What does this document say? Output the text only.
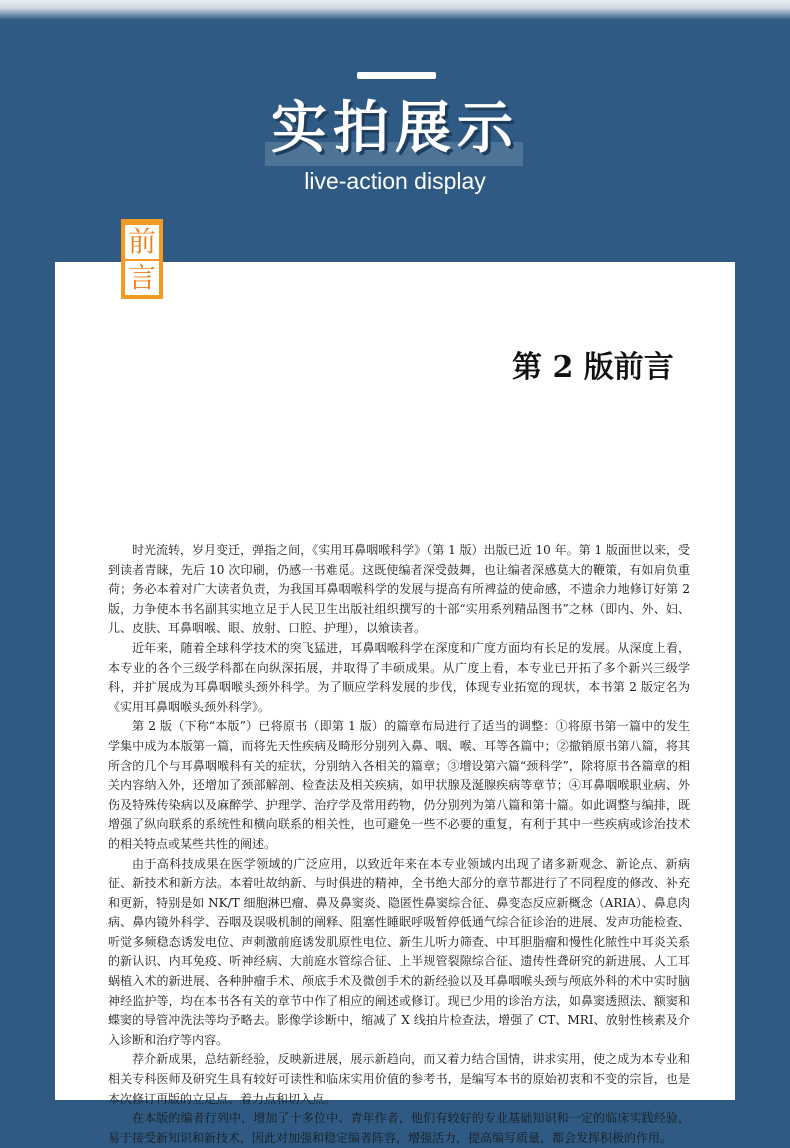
实拍展示
live-action display
前
言
第 2 版前言

时光流转，岁月变迁，弹指之间，《实用耳鼻咽喉科学》（第 1 版）出版已近 10 年。第 1 版面世以来，受到读者青睐，先后 10 次印刷，仍感一书难觅。这既使编者深受鼓舞，也让编者深感莫大的鞭策，有如肩负重荷；务必本着对广大读者负责，为我国耳鼻咽喉科学的发展与提高有所裨益的使命感，不遗余力地修订好第 2 版，力争使本书名副其实地立足于人民卫生出版社组织撰写的十部“实用系列精品图书”之林（即内、外、妇、儿、皮肤、耳鼻咽喉、眼、放射、口腔、护理），以飨读者。

近年来，随着全球科学技术的突飞猛进，耳鼻咽喉科学在深度和广度方面均有长足的发展。从深度上看，本专业的各个三级学科都在向纵深拓展，并取得了丰硕成果。从广度上看，本专业已开拓了多个新兴三级学科，并扩展成为耳鼻咽喉头颈外科学。为了顺应学科发展的步伐，体现专业拓宽的现状，本书第 2 版定名为《实用耳鼻咽喉头颈外科学》。

第 2 版（下称“本版”）已将原书（即第 1 版）的篇章布局进行了适当的调整：①将原书第一篇中的发生学集中成为本版第一篇，而将先天性疾病及畸形分别列入鼻、咽、喉、耳等各篇中；②撤销原书第八篇，将其所含的几个与耳鼻咽喉科有关的症状，分别纳入各相关的篇章；③增设第六篇“颈科学”，除将原书各篇章的相关内容纳入外，还增加了颈部解剖、检查法及相关疾病，如甲状腺及涎腺疾病等章节；④耳鼻咽喉职业病、外伤及特殊传染病以及麻醉学、护理学、治疗学及常用药物，仍分别列为第八篇和第十篇。如此调整与编排，既增强了纵向联系的系统性和横向联系的相关性，也可避免一些不必要的重复，有利于其中一些疾病或诊治技术的相关特点或某些共性的阐述。

由于高科技成果在医学领域的广泛应用，以致近年来在本专业领域内出现了诸多新观念、新论点、新病征、新技术和新方法。本着吐故纳新、与时俱进的精神，全书绝大部分的章节都进行了不同程度的修改、补充和更新，特别是如 NK/T 细胞淋巴瘤、鼻及鼻窦炎、隐匿性鼻窦综合征、鼻变态反应新概念（ARIA）、鼻息肉病、鼻内镜外科学、吞咽及误吸机制的阐释、阻塞性睡眠呼吸暂停低通气综合征诊治的进展、发声功能检查、听觉多频稳态诱发电位、声刺激前庭诱发肌原性电位、新生儿听力筛查、中耳胆脂瘤和慢性化脓性中耳炎关系的新认识、内耳免疫、听神经病、大前庭水管综合征、上半规管裂隙综合征、遗传性聋研究的新进展、人工耳蜗植入术的新进展、各种肿瘤手术、颅底手术及微创手术的新经验以及耳鼻咽喉头颈与颅底外科的术中实时脑神经监护等，均在本书各有关的章节中作了相应的阐述或修订。现已少用的诊治方法，如鼻窦透照法、额窦和蝶窦的导管冲洗法等均予略去。影像学诊断中，缩减了 X 线拍片检查法，增强了 CT、MRI、放射性核素及介入诊断和治疗等内容。

荐介新成果，总结新经验，反映新进展，展示新趋向，而又着力结合国情，讲求实用，使之成为本专业和相关专科医师及研究生具有较好可读性和临床实用价值的参考书，是编写本书的原始初衷和不变的宗旨，也是本次修订再版的立足点、着力点和切入点。

在本版的编者行列中，增加了十多位中、青年作者，他们有较好的专业基础知识和一定的临床实践经验，易于接受新知识和新技术，因此对加强和稳定编者阵容，增强活力，提高编写质量，都会发挥积极的作用。
